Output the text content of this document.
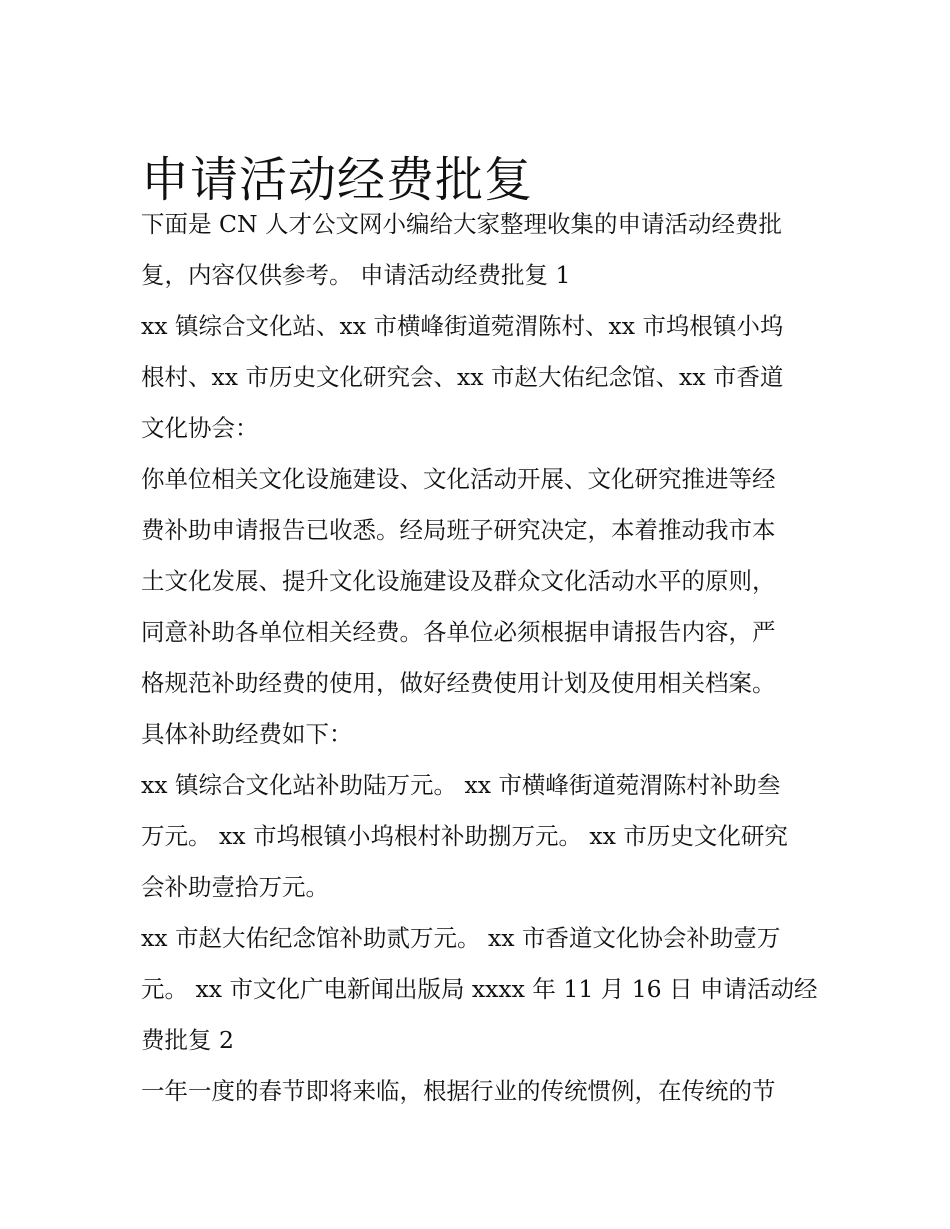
申请活动经费批复
下面是 CN 人才公文网小编给大家整理收集的申请活动经费批
复，内容仅供参考。 申请活动经费批复 1
xx 镇综合文化站、xx 市横峰街道菀渭陈村、xx 市坞根镇小坞
根村、xx 市历史文化研究会、xx 市赵大佑纪念馆、xx 市香道
文化协会：
你单位相关文化设施建设、文化活动开展、文化研究推进等经
费补助申请报告已收悉。经局班子研究决定，本着推动我市本
土文化发展、提升文化设施建设及群众文化活动水平的原则，
同意补助各单位相关经费。各单位必须根据申请报告内容，严
格规范补助经费的使用，做好经费使用计划及使用相关档案。
具体补助经费如下：
xx 镇综合文化站补助陆万元。 xx 市横峰街道菀渭陈村补助叁
万元。 xx 市坞根镇小坞根村补助捌万元。 xx 市历史文化研究
会补助壹拾万元。
xx 市赵大佑纪念馆补助贰万元。 xx 市香道文化协会补助壹万
元。 xx 市文化广电新闻出版局 xxxx 年 11 月 16 日 申请活动经
费批复 2
一年一度的春节即将来临，根据行业的传统惯例，在传统的节
